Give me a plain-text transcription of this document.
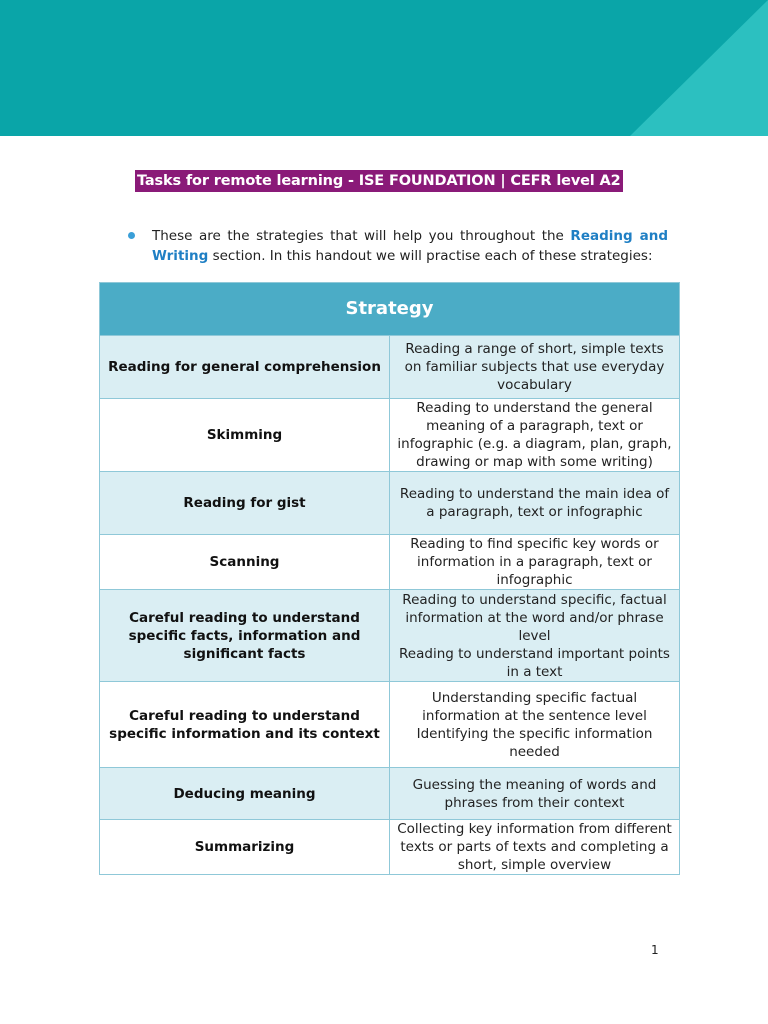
Tasks for remote learning - ISE FOUNDATION | CEFR level A2
These are the strategies that will help you throughout the Reading and Writing section. In this handout we will practise each of these strategies:
Strategy	
Reading for general comprehension	Reading a range of short, simple texts on familiar subjects that use everyday vocabulary

Skimming	Reading to understand the general meaning of a paragraph, text or infographic (e.g. a diagram, plan, graph, drawing or map with some writing)

Reading for gist	Reading to understand the main idea of a paragraph, text or infographic

Scanning	Reading to find specific key words or information in a paragraph, text or infographic

Careful reading to understand specific facts, information and significant facts	Reading to understand specific, factual information at the word and/or phrase level
Reading to understand important points in a text

Careful reading to understand specific information and its context	Understanding specific factual information at the sentence level
Identifying the specific information needed

Deducing meaning	Guessing the meaning of words and phrases from their context

Summarizing	Collecting key information from different texts or parts of texts and completing a short, simple overview
1
